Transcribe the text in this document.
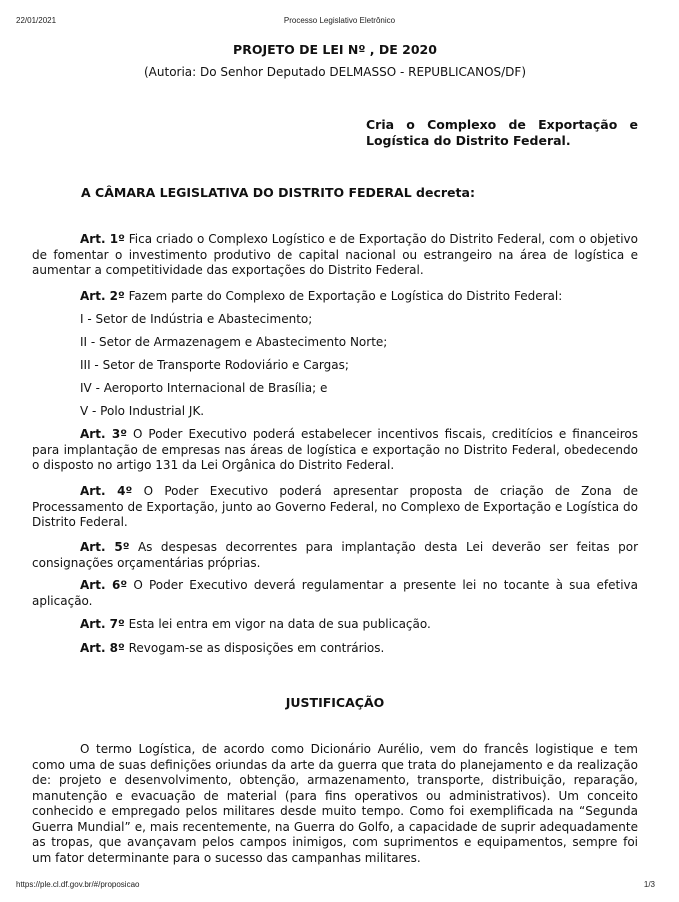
22/01/2021	Processo Legislativo Eletrônico
PROJETO DE LEI Nº , DE 2020
(Autoria: Do Senhor Deputado DELMASSO - REPUBLICANOS/DF)
Cria o Complexo de Exportação e Logística do Distrito Federal.
A CÂMARA LEGISLATIVA DO DISTRITO FEDERAL decreta:

Art. 1º Fica criado o Complexo Logístico e de Exportação do Distrito Federal, com o objetivo de fomentar o investimento produtivo de capital nacional ou estrangeiro na área de logística e aumentar a competitividade das exportações do Distrito Federal.

Art. 2º Fazem parte do Complexo de Exportação e Logística do Distrito Federal:

I - Setor de Indústria e Abastecimento;
II - Setor de Armazenagem e Abastecimento Norte;
III - Setor de Transporte Rodoviário e Cargas;
IV - Aeroporto Internacional de Brasília; e
V - Polo Industrial JK.

Art. 3º O Poder Executivo poderá estabelecer incentivos fiscais, creditícios e financeiros para implantação de empresas nas áreas de logística e exportação no Distrito Federal, obedecendo o disposto no artigo 131 da Lei Orgânica do Distrito Federal.

Art. 4º O Poder Executivo poderá apresentar proposta de criação de Zona de Processamento de Exportação, junto ao Governo Federal, no Complexo de Exportação e Logística do Distrito Federal.

Art. 5º As despesas decorrentes para implantação desta Lei deverão ser feitas por consignações orçamentárias próprias.

Art. 6º O Poder Executivo deverá regulamentar a presente lei no tocante à sua efetiva aplicação.

Art. 7º Esta lei entra em vigor na data de sua publicação.

Art. 8º Revogam-se as disposições em contrários.

JUSTIFICAÇÃO

O termo Logística, de acordo como Dicionário Aurélio, vem do francês logistique e tem como uma de suas definições oriundas da arte da guerra que trata do planejamento e da realização de: projeto e desenvolvimento, obtenção, armazenamento, transporte, distribuição, reparação, manutenção e evacuação de material (para fins operativos ou administrativos). Um conceito conhecido e empregado pelos militares desde muito tempo. Como foi exemplificada na “Segunda Guerra Mundial” e, mais recentemente, na Guerra do Golfo, a capacidade de suprir adequadamente as tropas, que avançavam pelos campos inimigos, com suprimentos e equipamentos, sempre foi um fator determinante para o sucesso das campanhas militares.

https://ple.cl.df.gov.br/#/proposicao	1/3
